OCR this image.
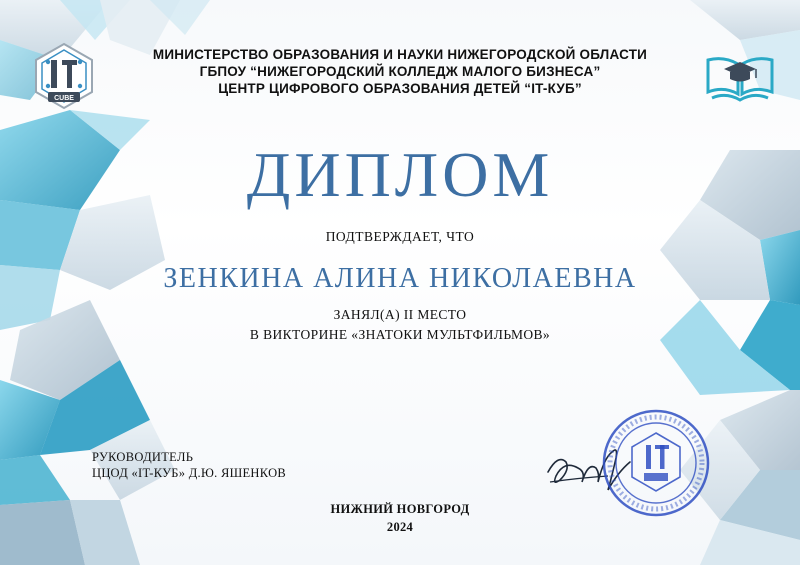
CUBE
МИНИСТЕРСТВО ОБРАЗОВАНИЯ И НАУКИ НИЖЕГОРОДСКОЙ ОБЛАСТИ
ГБПОУ “НИЖЕГОРОДСКИЙ КОЛЛЕДЖ МАЛОГО БИЗНЕСА”
ЦЕНТР ЦИФРОВОГО ОБРАЗОВАНИЯ ДЕТЕЙ “IT-КУБ”
ДИПЛОМ
ПОДТВЕРЖДАЕТ, ЧТО
ЗЕНКИНА АЛИНА НИКОЛАЕВНА
ЗАНЯЛ(А) II МЕСТО
В ВИКТОРИНЕ «ЗНАТОКИ МУЛЬТФИЛЬМОВ»
РУКОВОДИТЕЛЬ
ЦЦОД «IT-КУБ» Д.Ю. ЯШЕНКОВ
НИЖНИЙ НОВГОРОД
2024
